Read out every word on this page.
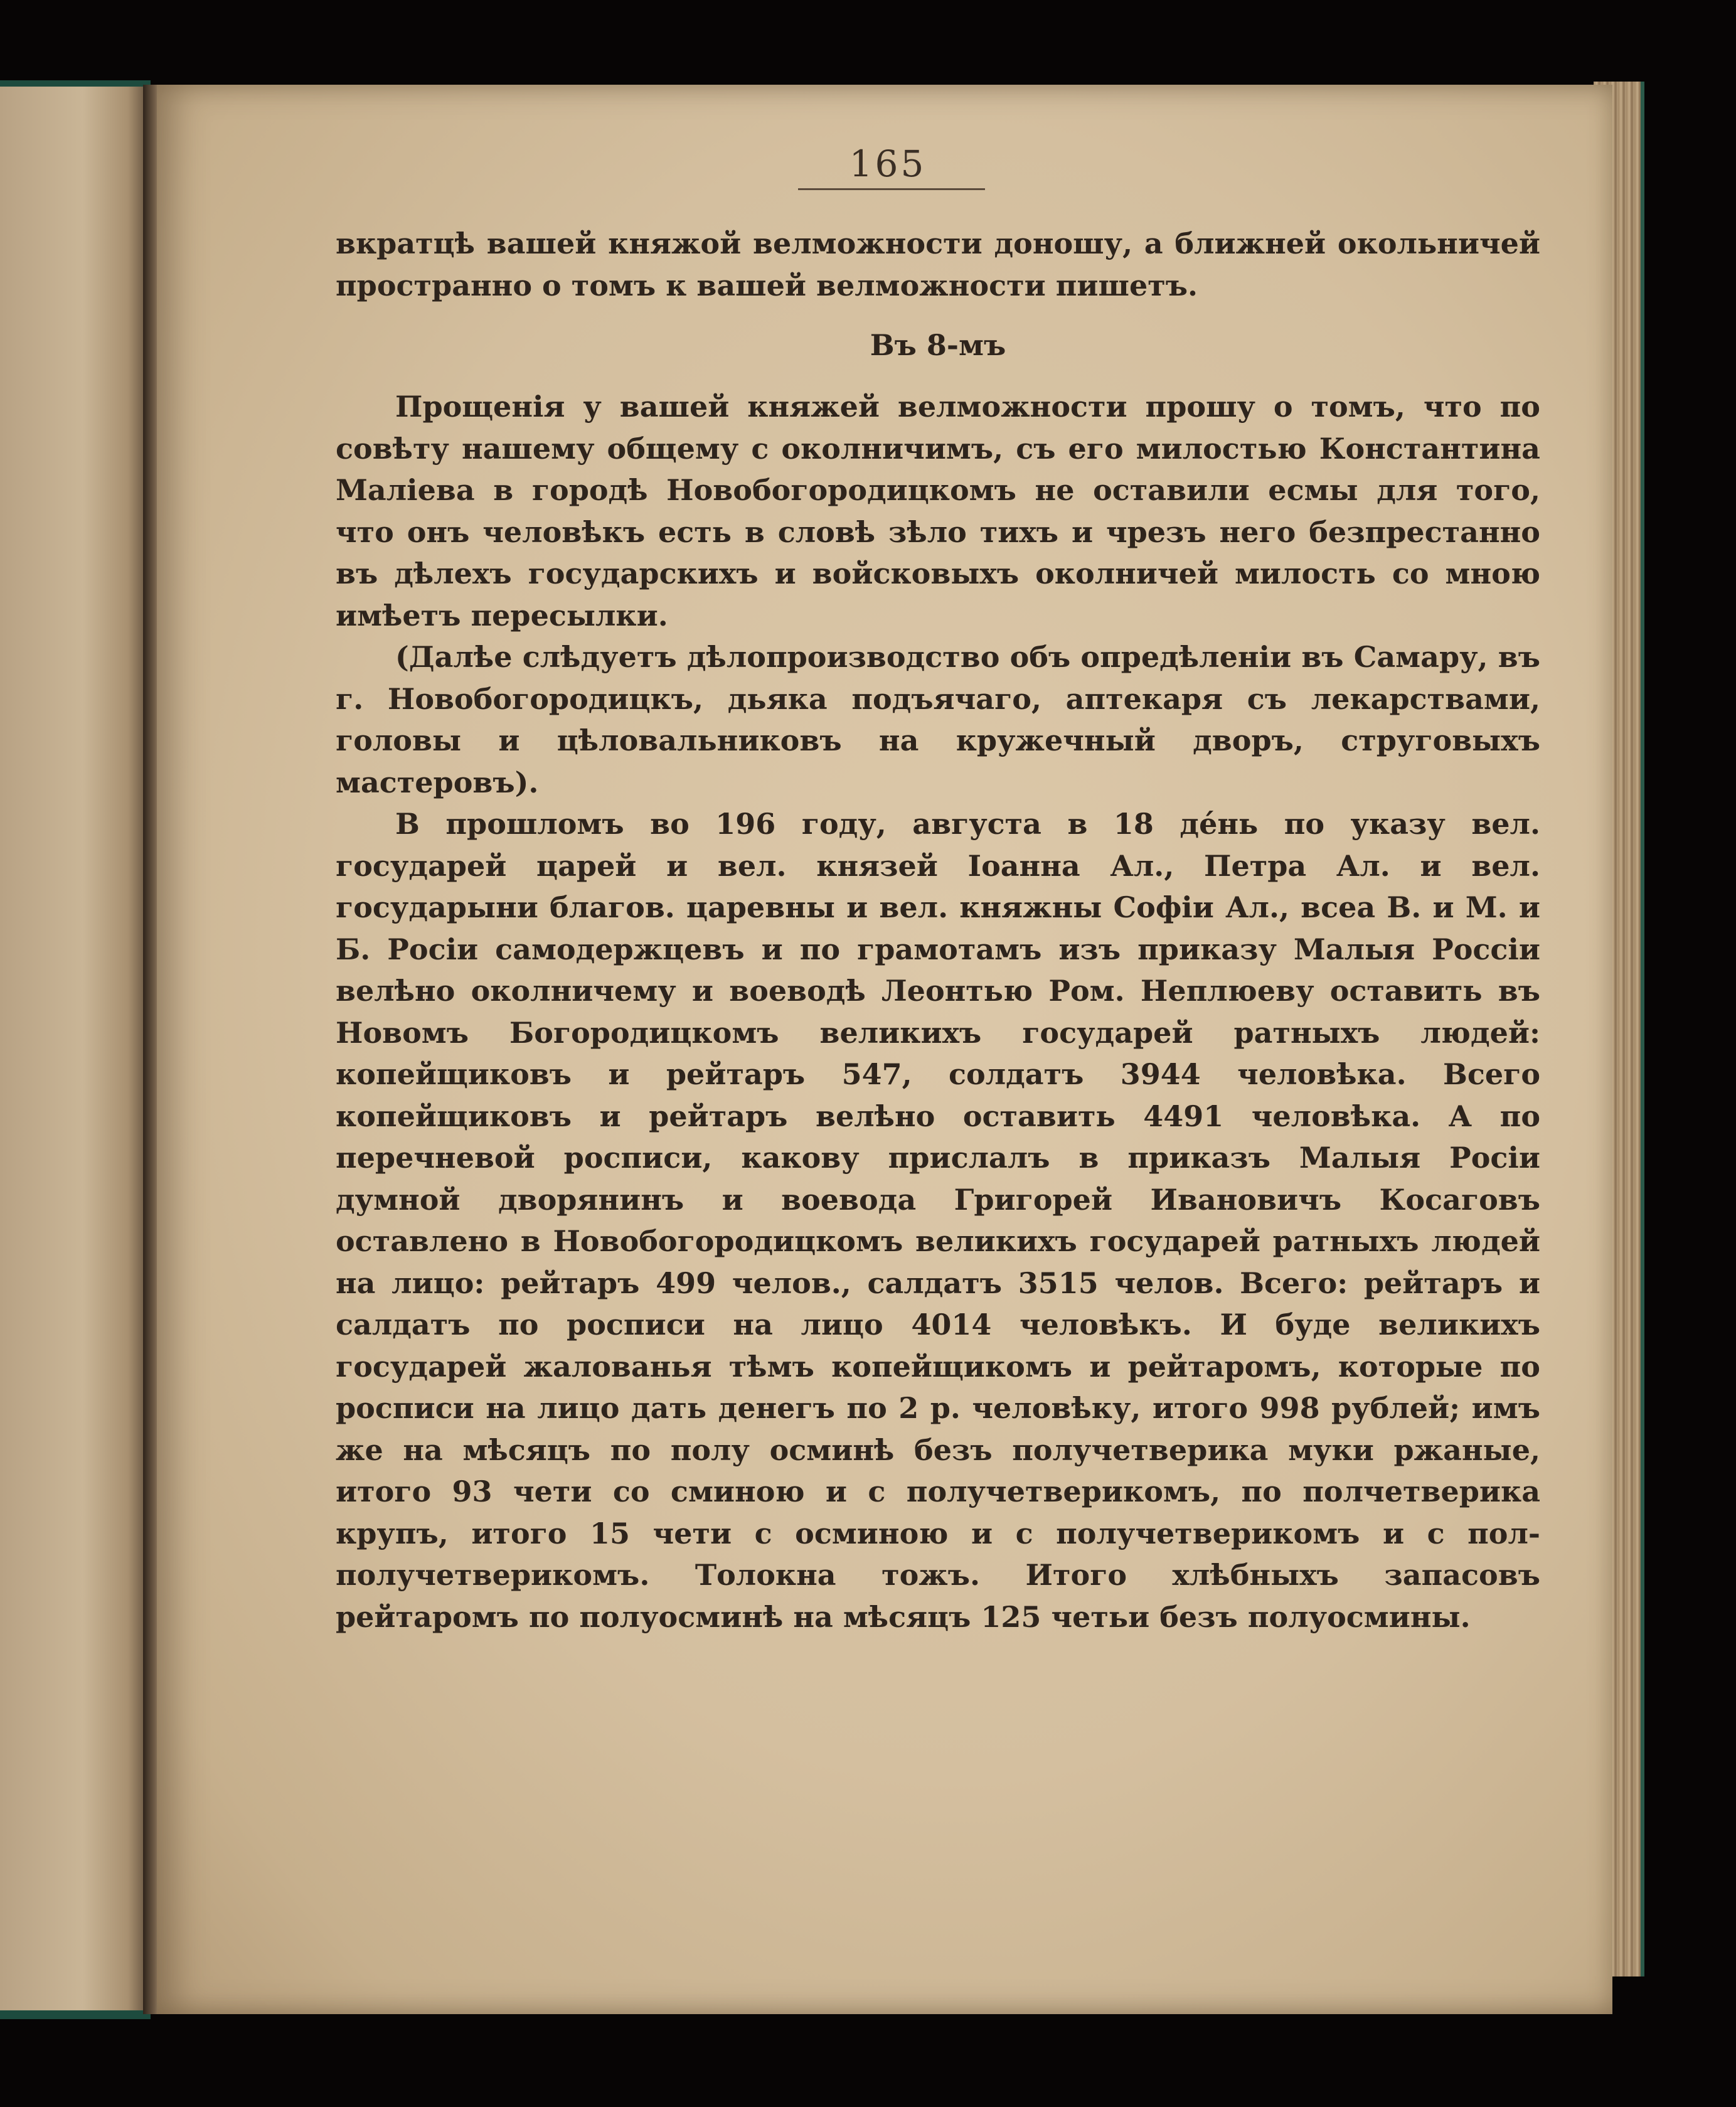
165

вкратцѣ вашей княжой велможности доношу, а ближней окольничей пространно о томъ к вашей велможности пишетъ.

Въ 8-мъ

Прощенія у вашей княжей велможности прошу о томъ, что по совѣту нашему общему с околничимъ, съ его милостью Константина Маліева в городѣ Новобогородицкомъ не оставили есмы для того, что онъ человѣкъ есть в словѣ зѣло тихъ и чрезъ него безпрестанно въ дѣлехъ государскихъ и войсковыхъ околничей милость со мною имѣетъ пересылки.

(Далѣе слѣдуетъ дѣлопроизводство объ опредѣленіи въ Самару, въ г. Новобогородицкъ, дьяка подъячаго, аптекаря съ лекарствами, головы и цѣловальниковъ на кружечный дворъ, струговыхъ мастеровъ).

В прошломъ во 196 году, августа в 18 де́нь по указу вел. государей царей и вел. князей Іоанна Ал., Петра Ал. и вел. государыни благов. царевны и вел. княжны Софіи Ал., всеа В. и М. и Б. Росіи самодержцевъ и по грамотамъ изъ приказу Малыя Россіи велѣно околничему и воеводѣ Леонтью Ром. Неплюеву оставить въ Новомъ Богородицкомъ великихъ государей ратныхъ людей: копейщиковъ и рейтаръ 547, солдатъ 3944 человѣка. Всего копейщиковъ и рейтаръ велѣно оставить 4491 человѣка. А по перечневой росписи, какову прислалъ в приказъ Малыя Росіи думной дворянинъ и воевода Григорей Ивановичъ Косаговъ оставлено в Новобогородицкомъ великихъ государей ратныхъ людей на лицо: рейтаръ 499 челов., салдатъ 3515 челов. Всего: рейтаръ и салдатъ по росписи на лицо 4014 человѣкъ. И буде великихъ государей жалованья тѣмъ копейщикомъ и рейтаромъ, которые по росписи на лицо дать денегъ по 2 р. человѣку, итого 998 рублей; имъ же на мѣсяцъ по полу осминѣ безъ получетверика муки ржаные, итого 93 чети со сминою и с получетверикомъ, по полчетверика крупъ, итого 15 чети с осминою и с получетверикомъ и с пол-получетверикомъ. Толокна тожъ. Итого хлѣбныхъ запасовъ рейтаромъ по полуосминѣ на мѣсяцъ 125 четьи безъ полуосмины.
